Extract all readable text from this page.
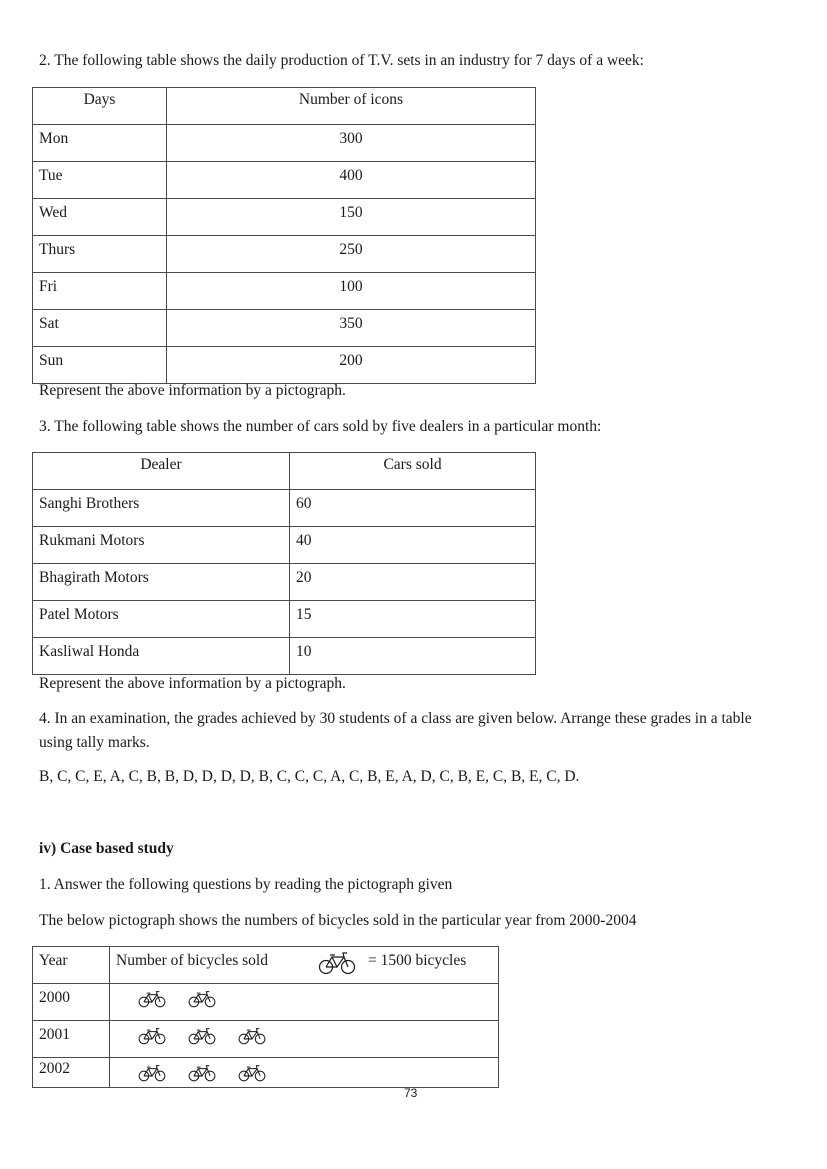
2. The following table shows the daily production of T.V. sets in an industry for 7 days of a week:
Days	Number of icons
Mon	300
Tue	400
Wed	150
Thurs	250
Fri	100
Sat	350
Sun	200
Represent the above information by a pictograph.
3. The following table shows the number of cars sold by five dealers in a particular month:
Dealer	Cars sold
Sanghi Brothers	60
Rukmani Motors	40
Bhagirath Motors	20
Patel Motors	15
Kasliwal Honda	10
Represent the above information by a pictograph.
4. In an examination, the grades achieved by 30 students of a class are given below. Arrange these grades in a table using tally marks.
B, C, C, E, A, C, B, B, D, D, D, D, B, C, C, C, A, C, B, E, A, D, C, B, E, C, B, E, C, D.
iv) Case based study
1. Answer the following questions by reading the pictograph given
The below pictograph shows the numbers of bicycles sold in the particular year from 2000-2004
Year	Number of bicycles sold = 1500 bicycles

2000	
2001	
2002	
73
